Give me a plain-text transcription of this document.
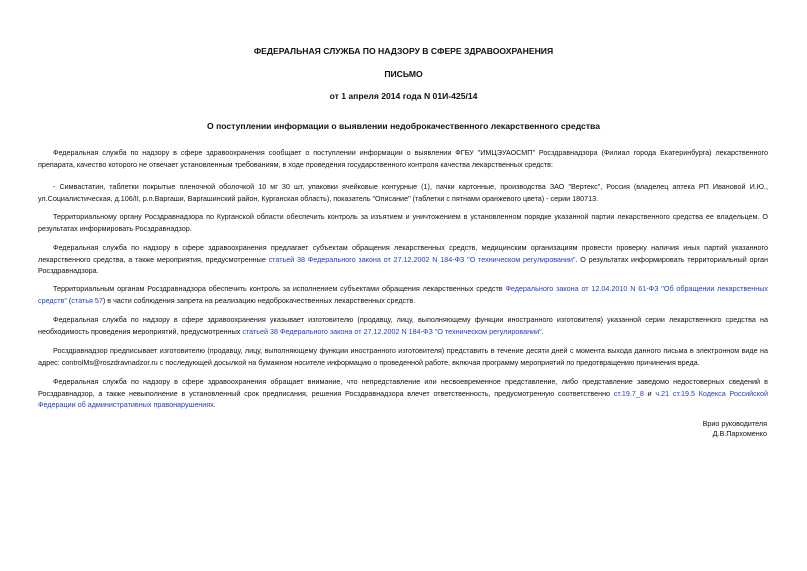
ФЕДЕРАЛЬНАЯ СЛУЖБА ПО НАДЗОРУ В СФЕРЕ ЗДРАВООХРАНЕНИЯ
ПИСЬМО
от 1 апреля 2014 года N 01И-425/14
О поступлении информации о выявлении недоброкачественного лекарственного средства

Федеральная служба по надзору в сфере здравоохранения сообщает о поступлении информации о выявлении ФГБУ "ИМЦЭУАОСМП" Росздравнадзора (Филиал города Екатеринбурга) лекарственного препарата, качество которого не отвечает установленным требованиям, в ходе проведения государственного контроля качества лекарственных средств:

- Симвастатин, таблетки покрытые пленочной оболочкой 10 мг 30 шт, упаковки ячейковые контурные (1), пачки картонные, производства ЗАО "Вертекс", Россия (владелец аптека РП Ивановой И.Ю., ул.Социалистическая, д.106/II, р.п.Варгаши, Варгашинский район, Курганская область), показатель "Описание" (таблетки с пятнами оранжевого цвета) - серии 180713.

Территориальному органу Росздравнадзора по Курганской области обеспечить контроль за изъятием и уничтожением в установленном порядке указанной партии лекарственного средства ее владельцем. О результатах информировать Росздравнадзор.

Федеральная служба по надзору в сфере здравоохранения предлагает субъектам обращения лекарственных средств, медицинским организациям провести проверку наличия иных партий указанного лекарственного средства, а также мероприятия, предусмотренные статьей 38 Федерального закона от 27.12.2002 N 184-ФЗ "О техническом регулировании". О результатах информировать территориальный орган Росздравнадзора.

Территориальным органам Росздравнадзора обеспечить контроль за исполнением субъектами обращения лекарственных средств Федерального закона от 12.04.2010 N 61-ФЗ "Об обращении лекарственных средств" (статья 57) в части соблюдения запрета на реализацию недоброкачественных лекарственных средств.

Федеральная служба по надзору в сфере здравоохранения указывает изготовителю (продавцу, лицу, выполняющему функции иностранного изготовителя) указанной серии лекарственного средства на необходимость проведения мероприятий, предусмотренных статьей 38 Федерального закона от 27.12.2002 N 184-ФЗ "О техническом регулировании".

Росздравнадзор предписывает изготовителю (продавцу, лицу, выполняющему функции иностранного изготовителя) представить в течение десяти дней с момента выхода данного письма в электронном виде на адрес: controlMs@roszdravnadzor.ru с последующей досылкой на бумажном носителе информацию о проведенной работе, включая программу мероприятий по предотвращению причинения вреда.

Федеральная служба по надзору в сфере здравоохранения обращает внимание, что непредставление или несвоевременное представление, либо представление заведомо недостоверных сведений в Росздравнадзор, а также невыполнение в установленный срок предписания, решения Росздравнадзора влечет ответственность, предусмотренную соответственно ст.19.7_8 и ч.21 ст.19.5 Кодекса Российской Федерации об административных правонарушениях.

Врио руководителя
Д.В.Пархоменко
